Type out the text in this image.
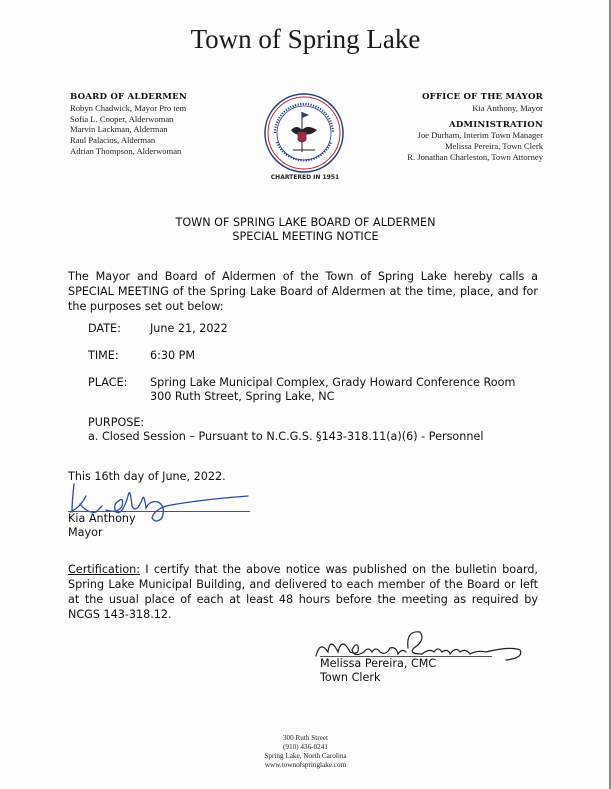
Town of Spring Lake
BOARD OF ALDERMEN
Robyn Chadwick, Mayor Pro tem
Sofia L. Cooper, Alderwoman
Marvin Lackman, Alderman
Raul Palacios, Alderman
Adrian Thompson, Alderwoman
CHARTERED IN 1951
OFFICE OF THE MAYOR
Kia Anthony, Mayor
ADMINISTRATION
Joe Durham, Interim Town Manager
Melissa Pereira, Town Clerk
R. Jonathan Charleston, Town Attorney
TOWN OF SPRING LAKE BOARD OF ALDERMEN
SPECIAL MEETING NOTICE
The Mayor and Board of Aldermen of the Town of Spring Lake hereby calls a SPECIAL MEETING of the Spring Lake Board of Aldermen at the time, place, and for the purposes set out below:
DATE:	June 21, 2022
TIME:	6:30 PM
PLACE:	Spring Lake Municipal Complex, Grady Howard Conference Room
300 Ruth Street, Spring Lake, NC
PURPOSE:
a. Closed Session – Pursuant to N.C.G.S. §143-318.11(a)(6) - Personnel
This 16th day of June, 2022.
Kia Anthony
Mayor
Certification: I certify that the above notice was published on the bulletin board, Spring Lake Municipal Building, and delivered to each member of the Board or left at the usual place of each at least 48 hours before the meeting as required by NCGS 143-318.12.
Melissa Pereira, CMC
Town Clerk
300 Ruth Street
(910) 436-0241
Spring Lake, North Carolina
www.townofspringlake.com
